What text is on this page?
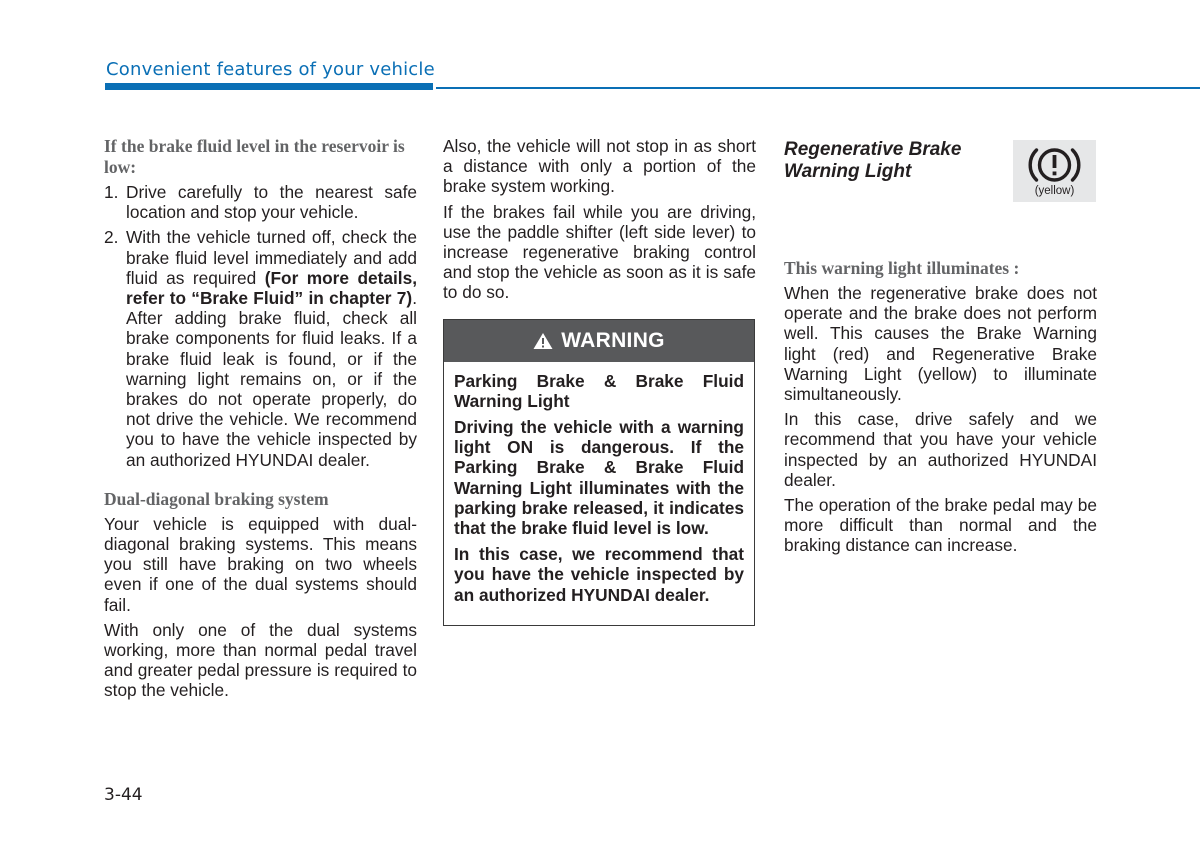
Convenient features of your vehicle
If the brake fluid level in the reservoir is low:
1. Drive carefully to the nearest safe location and stop your vehicle.
2. With the vehicle turned off, check the brake fluid level immediately and add fluid as required (For more details, refer to “Brake Fluid” in chapter 7). After adding brake fluid, check all brake components for fluid leaks. If a brake fluid leak is found, or if the warning light remains on, or if the brakes do not operate properly, do not drive the vehicle. We recommend you to have the vehicle inspected by an authorized HYUNDAI dealer.
Dual-diagonal braking system

Your vehicle is equipped with dual-diagonal braking systems. This means you still have braking on two wheels even if one of the dual systems should fail.

With only one of the dual systems working, more than normal pedal travel and greater pedal pressure is required to stop the vehicle.

Also, the vehicle will not stop in as short a distance with only a portion of the brake system working.

If the brakes fail while you are driving, use the paddle shifter (left side lever) to increase regenerative braking control and stop the vehicle as soon as it is safe to do so.

WARNING

Parking Brake & Brake Fluid Warning Light

Driving the vehicle with a warning light ON is dangerous. If the Parking Brake & Brake Fluid Warning Light illuminates with the parking brake released, it indicates that the brake fluid level is low.

In this case, we recommend that you have the vehicle inspected by an authorized HYUNDAI dealer.

Regenerative Brake Warning Light
This warning light illuminates :

When the regenerative brake does not operate and the brake does not perform well. This causes the Brake Warning light (red) and Regenerative Brake Warning Light (yellow) to illuminate simultaneously.

In this case, drive safely and we recommend that you have your vehicle inspected by an authorized HYUNDAI dealer.

The operation of the brake pedal may be more difficult than normal and the braking distance can increase.

(yellow)
3-44
